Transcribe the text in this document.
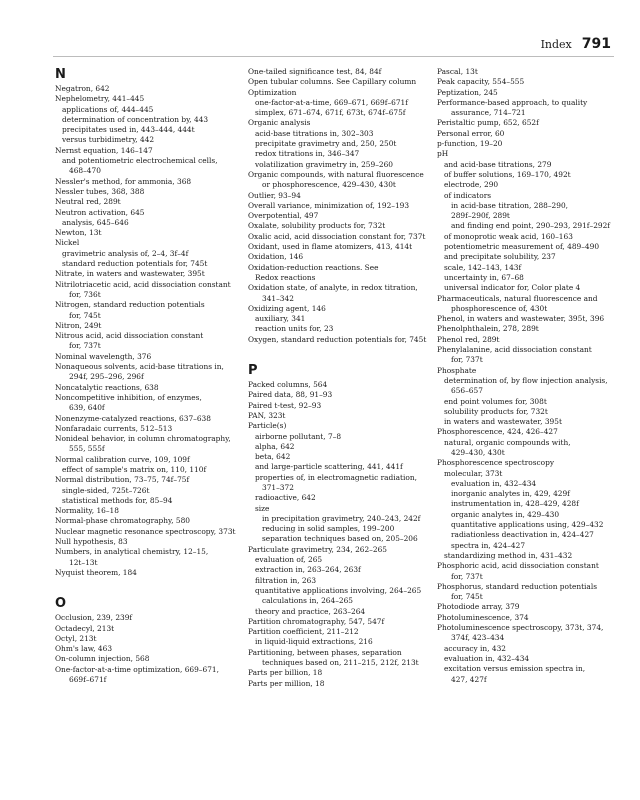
Index 791
N
Negatron, 642
Nephelometry, 441–445
applications of, 444–445
determination of concentration by, 443
precipitates used in, 443–444, 444t
versus turbidimetry, 442
Nernst equation, 146–147
and potentiometric electrochemical cells,
468–470
Nessler's method, for ammonia, 368
Nessler tubes, 368, 388
Neutral red, 289t
Neutron activation, 645
analysis, 645–646
Newton, 13t
Nickel
gravimetric analysis of, 2–4, 3f–4f
standard reduction potentials for, 745t
Nitrate, in waters and wastewater, 395t
Nitrilotriacetic acid, acid dissociation constant
for, 736t
Nitrogen, standard reduction potentials
for, 745t
Nitron, 249t
Nitrous acid, acid dissociation constant
for, 737t
Nominal wavelength, 376
Nonaqueous solvents, acid-base titrations in,
294f, 295–296, 296f
Noncatalytic reactions, 638
Noncompetitive inhibition, of enzymes,
639, 640f
Nonenzyme-catalyzed reactions, 637–638
Nonfaradaic currents, 512–513
Nonideal behavior, in column chromatography,
555, 555f
Normal calibration curve, 109, 109f
effect of sample's matrix on, 110, 110f
Normal distribution, 73–75, 74f–75f
single-sided, 725t–726t
statistical methods for, 85–94
Normality, 16–18
Normal-phase chromatography, 580
Nuclear magnetic resonance spectroscopy, 373t
Null hypothesis, 83
Numbers, in analytical chemistry, 12–15,
12t–13t
Nyquist theorem, 184
O
Occlusion, 239, 239f
Octadecyl, 213t
Octyl, 213t
Ohm's law, 463
On-column injection, 568
One-factor-at-a-time optimization, 669–671,
669f–671f
One-tailed significance test, 84, 84f
Open tubular columns. See Capillary column
Optimization
one-factor-at-a-time, 669–671, 669f–671f
simplex, 671–674, 671f, 673t, 674f–675f
Organic analysis
acid-base titrations in, 302–303
precipitate gravimetry and, 250, 250t
redox titrations in, 346–347
volatilization gravimetry in, 259–260
Organic compounds, with natural fluorescence
or phosphorescence, 429–430, 430t
Outlier, 93–94
Overall variance, minimization of, 192–193
Overpotential, 497
Oxalate, solubility products for, 732t
Oxalic acid, acid dissociation constant for, 737t
Oxidant, used in flame atomizers, 413, 414t
Oxidation, 146
Oxidation-reduction reactions. See
Redox reactions
Oxidation state, of analyte, in redox titration,
341–342
Oxidizing agent, 146
auxiliary, 341
reaction units for, 23
Oxygen, standard reduction potentials for, 745t
P
Packed columns, 564
Paired data, 88, 91–93
Paired t-test, 92–93
PAN, 323t
Particle(s)
airborne pollutant, 7–8
alpha, 642
beta, 642
and large-particle scattering, 441, 441f
properties of, in electromagnetic radiation,
371–372
radioactive, 642
size
in precipitation gravimetry, 240–243, 242f
reducing in solid samples, 199–200
separation techniques based on, 205–206
Particulate gravimetry, 234, 262–265
evaluation of, 265
extraction in, 263–264, 263f
filtration in, 263
quantitative applications involving, 264–265
calculations in, 264–265
theory and practice, 263–264
Partition chromatography, 547, 547f
Partition coefficient, 211–212
in liquid-liquid extractions, 216
Partitioning, between phases, separation
techniques based on, 211–215, 212f, 213t
Parts per billion, 18
Parts per million, 18
Pascal, 13t
Peak capacity, 554–555
Peptization, 245
Performance-based approach, to quality
assurance, 714–721
Peristaltic pump, 652, 652f
Personal error, 60
p-function, 19–20
pH
and acid-base titrations, 279
of buffer solutions, 169–170, 492t
electrode, 290
of indicators
in acid-base titration, 288–290,
289f–290f, 289t
and finding end point, 290–293, 291f–292f
of monoprotic weak acid, 160–163
potentiometric measurement of, 489–490
and precipitate solubility, 237
scale, 142–143, 143f
uncertainty in, 67–68
universal indicator for, Color plate 4
Pharmaceuticals, natural fluorescence and
phosphorescence of, 430t
Phenol, in waters and wastewater, 395t, 396
Phenolphthalein, 278, 289t
Phenol red, 289t
Phenylalanine, acid dissociation constant
for, 737t
Phosphate
determination of, by flow injection analysis,
656–657
end point volumes for, 308t
solubility products for, 732t
in waters and wastewater, 395t
Phosphorescence, 424, 426–427
natural, organic compounds with,
429–430, 430t
Phosphorescence spectroscopy
molecular, 373t
evaluation in, 432–434
inorganic analytes in, 429, 429f
instrumentation in, 428–429, 428f
organic analytes in, 429–430
quantitative applications using, 429–432
radiationless deactivation in, 424–427
spectra in, 424–427
standardizing method in, 431–432
Phosphoric acid, acid dissociation constant
for, 737t
Phosphorus, standard reduction potentials
for, 745t
Photodiode array, 379
Photoluminescence, 374
Photoluminescence spectroscopy, 373t, 374,
374f, 423–434
accuracy in, 432
evaluation in, 432–434
excitation versus emission spectra in,
427, 427f
